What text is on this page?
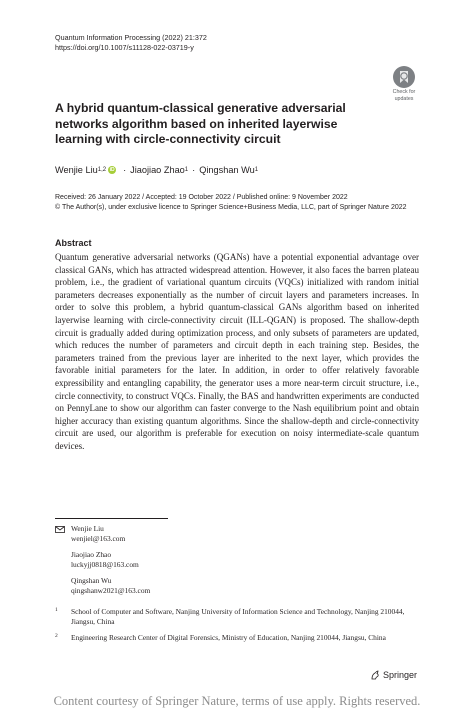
Quantum Information Processing (2022) 21:372
https://doi.org/10.1007/s11128-022-03719-y
Check for
updates
A hybrid quantum-classical generative adversarial networks algorithm based on inherited layerwise learning with circle-connectivity circuit
Wenjie Liu 1,2 iD · Jiaojiao Zhao 1 · Qingshan Wu 1
Received: 26 January 2022 / Accepted: 19 October 2022 / Published online: 9 November 2022
© The Author(s), under exclusive licence to Springer Science+Business Media, LLC, part of Springer Nature 2022
Abstract
Quantum generative adversarial networks (QGANs) have a potential exponential advantage over classical GANs, which has attracted widespread attention. However, it also faces the barren plateau problem, i.e., the gradient of variational quantum circuits (VQCs) initialized with random initial parameters decreases exponentially as the number of circuit layers and parameters increases. In order to solve this problem, a hybrid quantum-classical GANs algorithm based on inherited layerwise learning with circle-connectivity circuit (ILL-QGAN) is proposed. The shallow-depth circuit is gradually added during optimization process, and only subsets of parameters are updated, which reduces the number of parameters and circuit depth in each training step. Besides, the parameters trained from the previous layer are inherited to the next layer, which provides the favorable initial parameters for the later. In addition, in order to offer relatively favorable expressibility and entangling capability, the generator uses a more near-term circuit structure, i.e., circle connectivity, to construct VQCs. Finally, the BAS and handwritten experiments are conducted on PennyLane to show our algorithm can faster converge to the Nash equilibrium point and obtain higher accuracy than existing quantum algorithms. Since the shallow-depth and circle-connectivity circuit are used, our algorithm is preferable for execution on noisy intermediate-scale quantum devices.
Wenjie Liu
wenjiel@163.com
Jiaojiao Zhao
luckyjj0818@163.com
Qingshan Wu
qingshanw2021@163.com
1 School of Computer and Software, Nanjing University of Information Science and Technology, Nanjing 210044, Jiangsu, China
2 Engineering Research Center of Digital Forensics, Ministry of Education, Nanjing 210044, Jiangsu, China
Springer
Content courtesy of Springer Nature, terms of use apply. Rights reserved.
